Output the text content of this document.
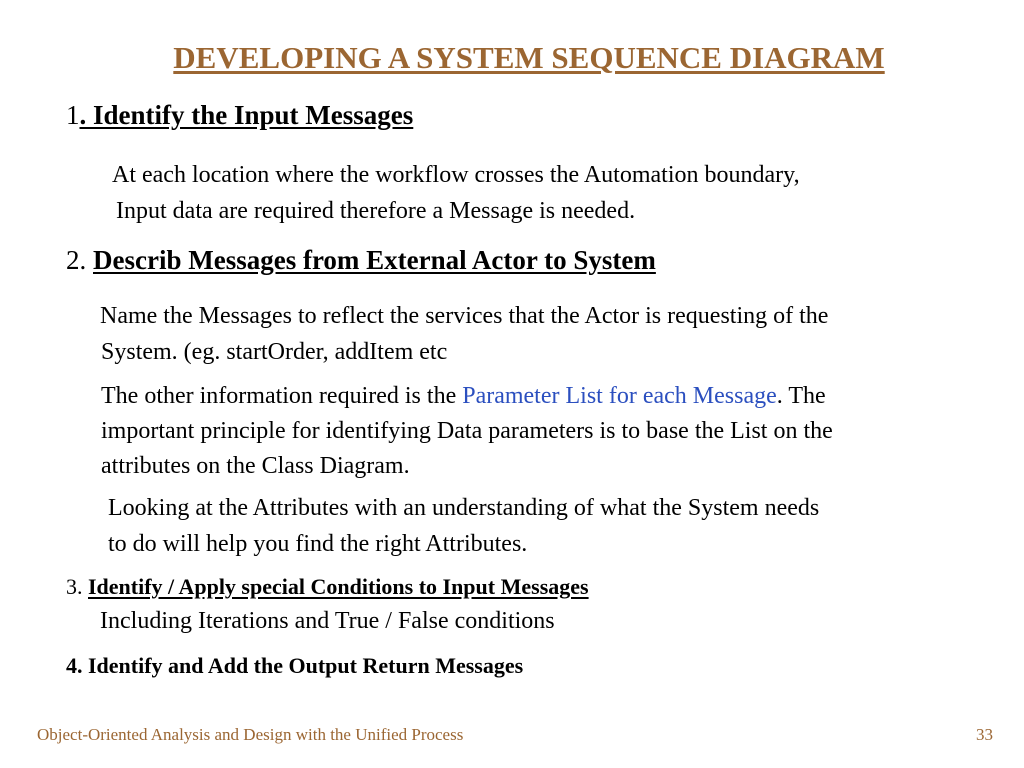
DEVELOPING A SYSTEM SEQUENCE DIAGRAM
1. Identify the Input Messages
At each location where the workflow crosses the Automation boundary,
Input data are required therefore a Message is needed.
2. Describ Messages from External Actor to System
Name the Messages to reflect the services that the Actor is requesting of the
System. (eg. startOrder, addItem etc
The other information required is the Parameter List for each Message. The
important principle for identifying Data parameters is to base the List on the
attributes on the Class Diagram.
Looking at the Attributes with an understanding of what the System needs
to do will help you find the right Attributes.
3. Identify / Apply special Conditions to Input Messages
Including Iterations and True / False conditions
4. Identify and Add the Output Return Messages
Object-Oriented Analysis and Design with the Unified Process	33
